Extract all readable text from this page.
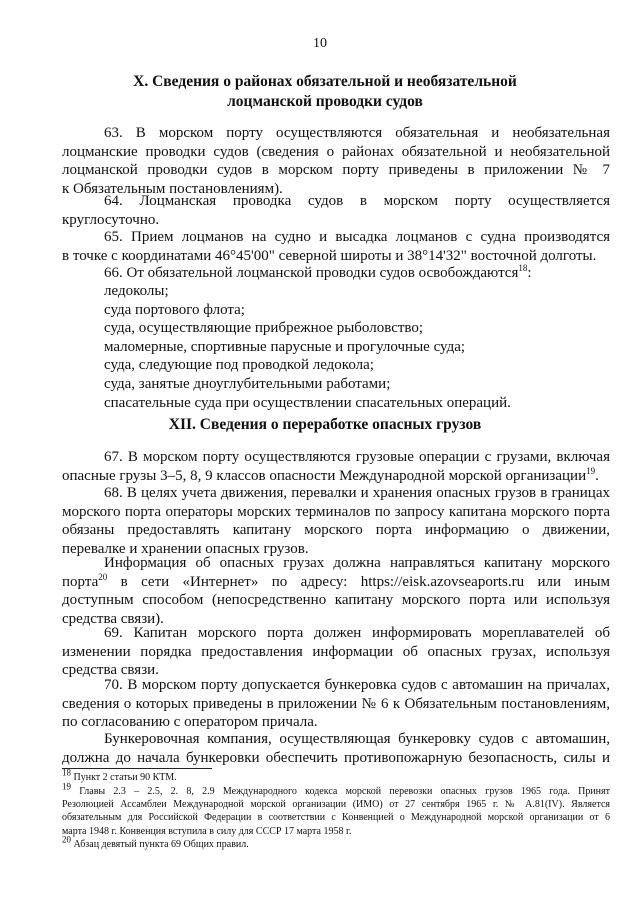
10
X. Сведения о районах обязательной и необязательной
лоцманской проводки судов

63. В морском порту осуществляются обязательная и необязательная
лоцманские проводки судов (сведения о районах обязательной и необязательной
лоцманской проводки судов в морском порту приведены в приложении № 7
к Обязательным постановлениям).

64. Лоцманская проводка судов в морском порту осуществляется
круглосуточно.

65. Прием лоцманов на судно и высадка лоцманов с судна производятся
в точке с координатами 46°45'00" северной широты и 38°14'32" восточной долготы.

66. От обязательной лоцманской проводки судов освобождаются$^{18}$:

ледоколы;
суда портового флота;
суда, осуществляющие прибрежное рыболовство;
маломерные, спортивные парусные и прогулочные суда;
суда, следующие под проводкой ледокола;
суда, занятые дноуглубительными работами;
спасательные суда при осуществлении спасательных операций.
XII. Сведения о переработке опасных грузов

67. В морском порту осуществляются грузовые операции с грузами, включая
опасные грузы 3–5, 8, 9 классов опасности Международной морской организации$^{19}$.

68. В целях учета движения, перевалки и хранения опасных грузов в границах
морского порта операторы морских терминалов по запросу капитана морского порта
обязаны предоставлять капитану морского порта информацию о движении,
перевалке и хранении опасных грузов.

Информация об опасных грузах должна направляться капитану морского
порта$^{20}$ в сети «Интернет» по адресу: https://eisk.azovseaports.ru или иным
доступным способом (непосредственно капитану морского порта или используя
средства связи).

69. Капитан морского порта должен информировать мореплавателей об
изменении порядка предоставления информации об опасных грузах, используя
средства связи.

70. В морском порту допускается бункеровка судов с автомашин на причалах,
сведения о которых приведены в приложении № 6 к Обязательным постановлениям,
по согласованию с оператором причала.

Бункеровочная компания, осуществляющая бункеровку судов с автомашин,
должна до начала бункеровки обеспечить противопожарную безопасность, силы и

$^{18}$ Пункт 2 статьи 90 КТМ.

$^{19}$ Главы 2.3 – 2.5, 2. 8, 2.9 Международного кодекса морской перевозки опасных грузов 1965 года. Принят
Резолюцией Ассамблеи Международной морской организации (ИМО) от 27 сентября 1965 г. № А.81(IV). Является
обязательным для Российской Федерации в соответствии с Конвенцией о Международной морской организации от 6
марта 1948 г. Конвенция вступила в силу для СССР 17 марта 1958 г.

$^{20}$ Абзац девятый пункта 69 Общих правил.
